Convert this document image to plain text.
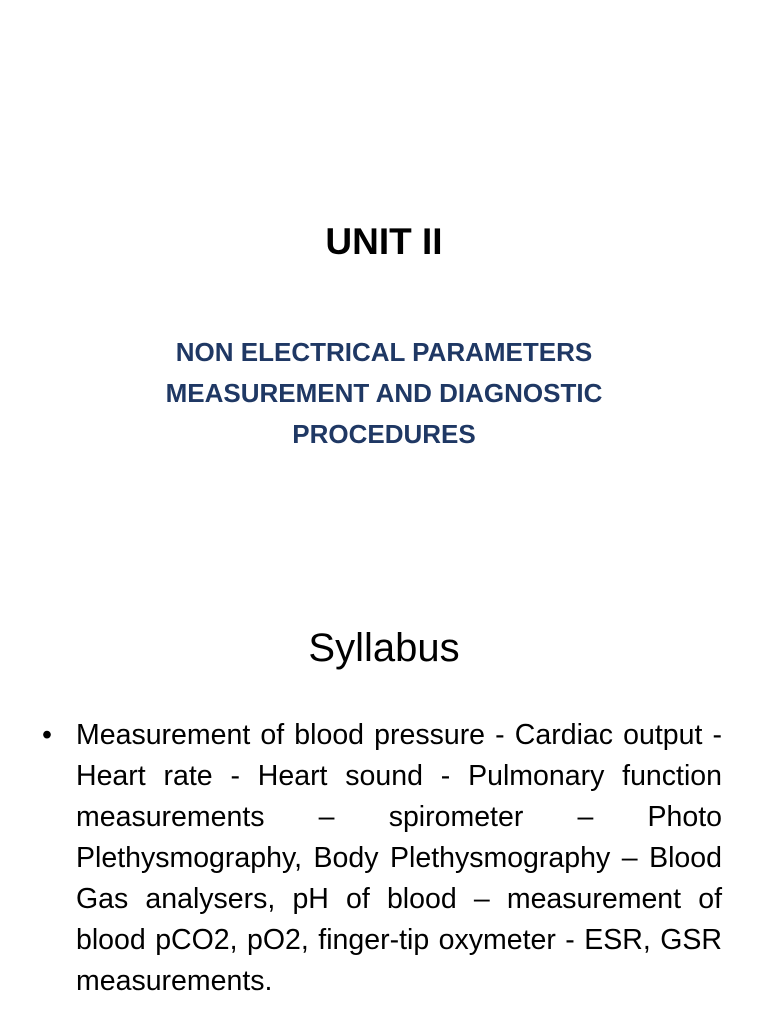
UNIT II
NON ELECTRICAL PARAMETERS
MEASUREMENT AND DIAGNOSTIC
PROCEDURES
Syllabus
• Measurement of blood pressure - Cardiac output - Heart rate - Heart sound - Pulmonary function measurements – spirometer – Photo Plethysmography, Body Plethysmography – Blood Gas analysers, pH of blood – measurement of blood pCO2, pO2, finger-tip oxymeter - ESR, GSR measurements.
